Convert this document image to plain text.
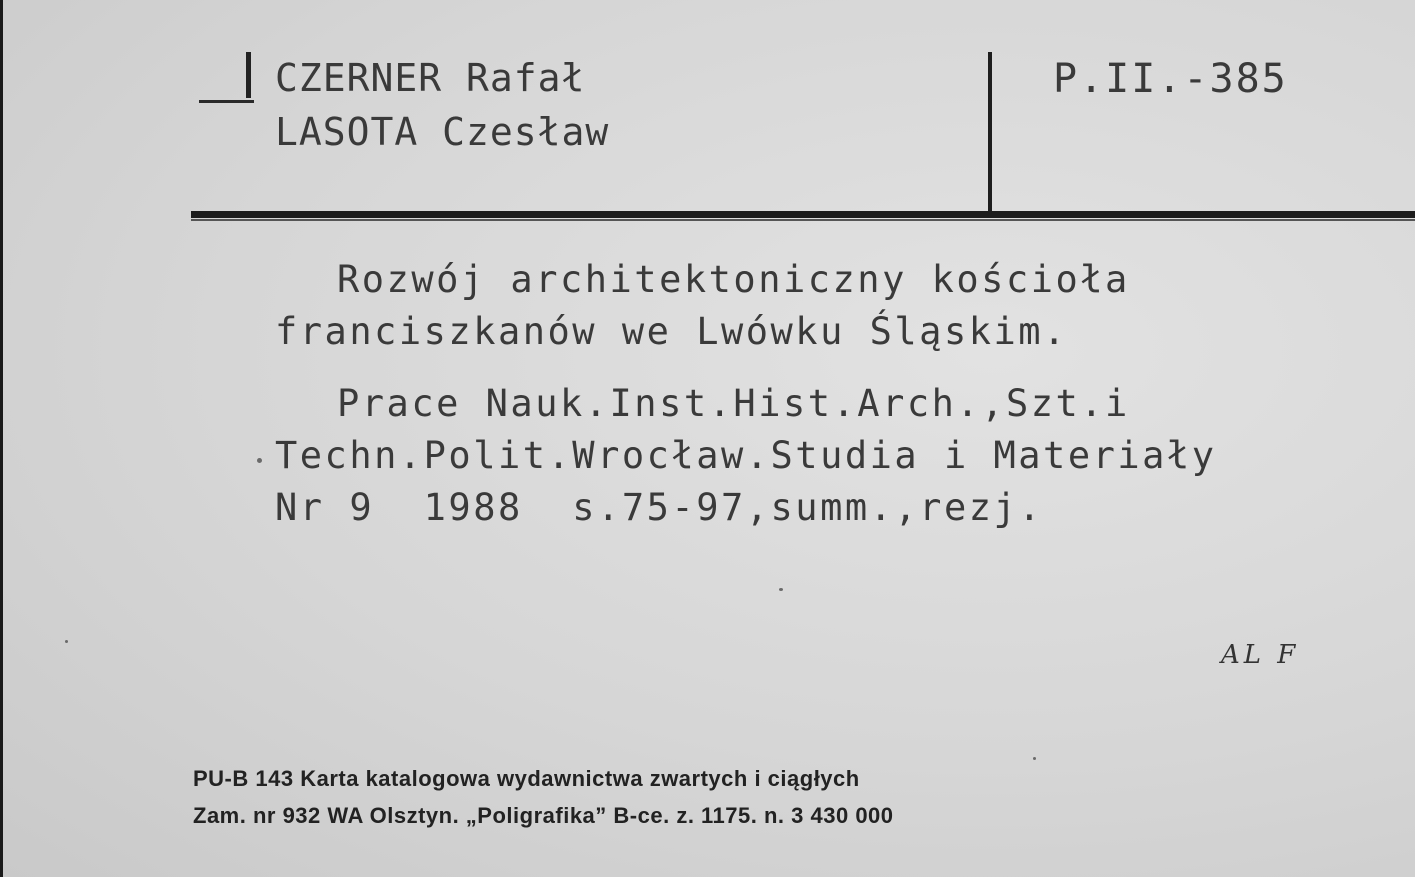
CZERNER Rafał
LASOTA Czesław
P.II.-385
Rozwój architektoniczny kościoła
franciszkanów we Lwówku Śląskim.
Prace Nauk.Inst.Hist.Arch.,Szt.i
Techn.Polit.Wrocław.Studia i Materiały
Nr 9  1988  s.75-97,summ.,rezj.
AL F
PU-B 143 Karta katalogowa wydawnictwa zwartych i ciągłych
Zam. nr 932 WA Olsztyn. „Poligrafika” B-ce. z. 1175. n. 3 430 000
